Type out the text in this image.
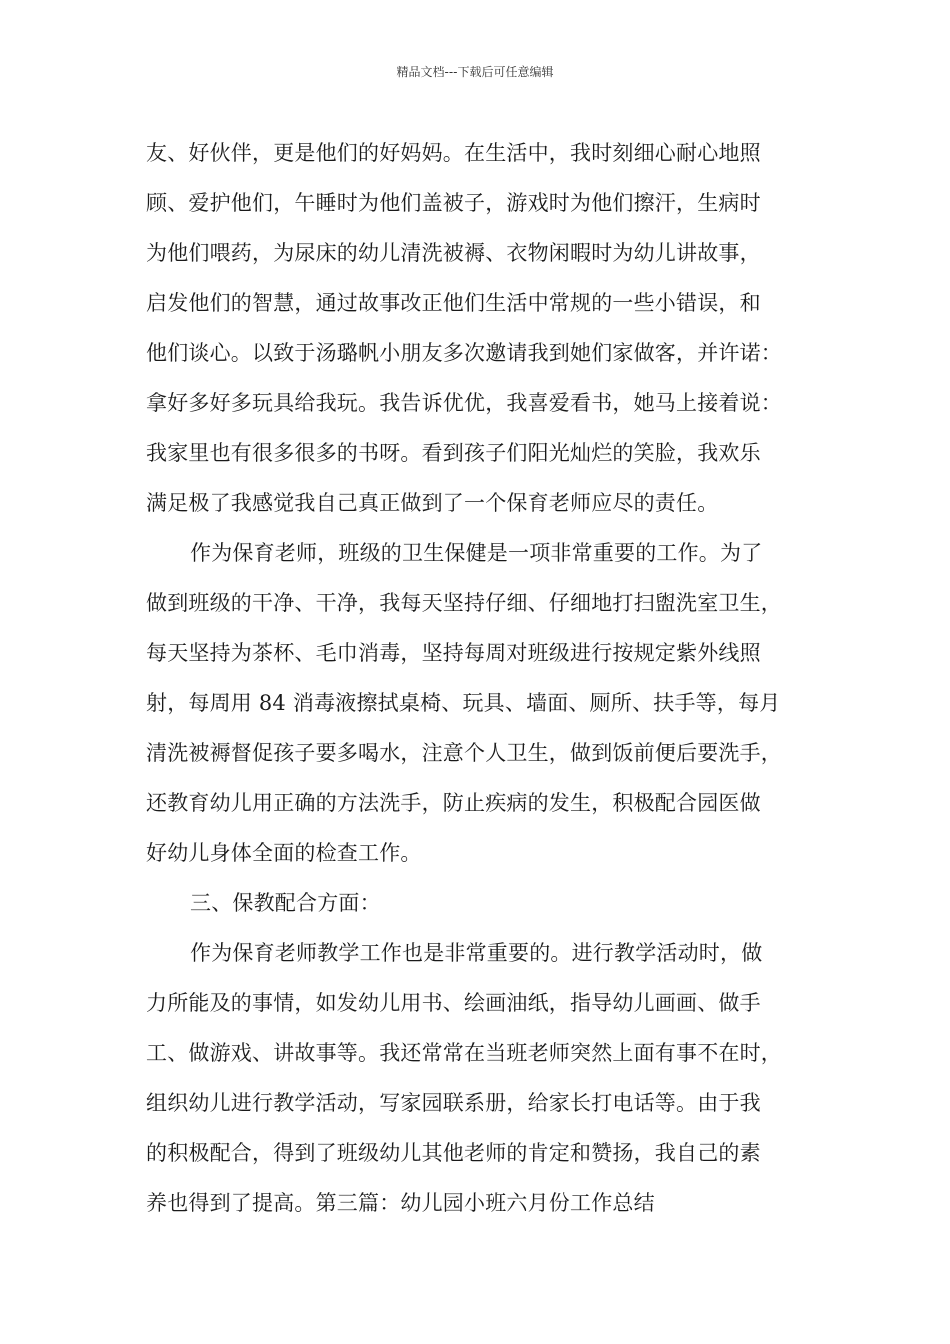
精品文档---下载后可任意编辑
友、好伙伴，更是他们的好妈妈。在生活中，我时刻细心耐心地照
顾、爱护他们，午睡时为他们盖被子，游戏时为他们擦汗，生病时
为他们喂药，为尿床的幼儿清洗被褥、衣物闲暇时为幼儿讲故事，
启发他们的智慧，通过故事改正他们生活中常规的一些小错误，和
他们谈心。以致于汤璐帆小朋友多次邀请我到她们家做客，并许诺：
拿好多好多玩具给我玩。我告诉优优，我喜爱看书，她马上接着说：
我家里也有很多很多的书呀。看到孩子们阳光灿烂的笑脸，我欢乐
满足极了我感觉我自己真正做到了一个保育老师应尽的责任。
作为保育老师，班级的卫生保健是一项非常重要的工作。为了
做到班级的干净、干净，我每天坚持仔细、仔细地打扫盥洗室卫生，
每天坚持为茶杯、毛巾消毒，坚持每周对班级进行按规定紫外线照
射，每周用 84 消毒液擦拭桌椅、玩具、墙面、厕所、扶手等，每月
清洗被褥督促孩子要多喝水，注意个人卫生，做到饭前便后要洗手，
还教育幼儿用正确的方法洗手，防止疾病的发生，积极配合园医做
好幼儿身体全面的检查工作。
三、保教配合方面：
作为保育老师教学工作也是非常重要的。进行教学活动时，做
力所能及的事情，如发幼儿用书、绘画油纸，指导幼儿画画、做手
工、做游戏、讲故事等。我还常常在当班老师突然上面有事不在时，
组织幼儿进行教学活动，写家园联系册，给家长打电话等。由于我
的积极配合，得到了班级幼儿其他老师的肯定和赞扬，我自己的素
养也得到了提高。第三篇：幼儿园小班六月份工作总结
